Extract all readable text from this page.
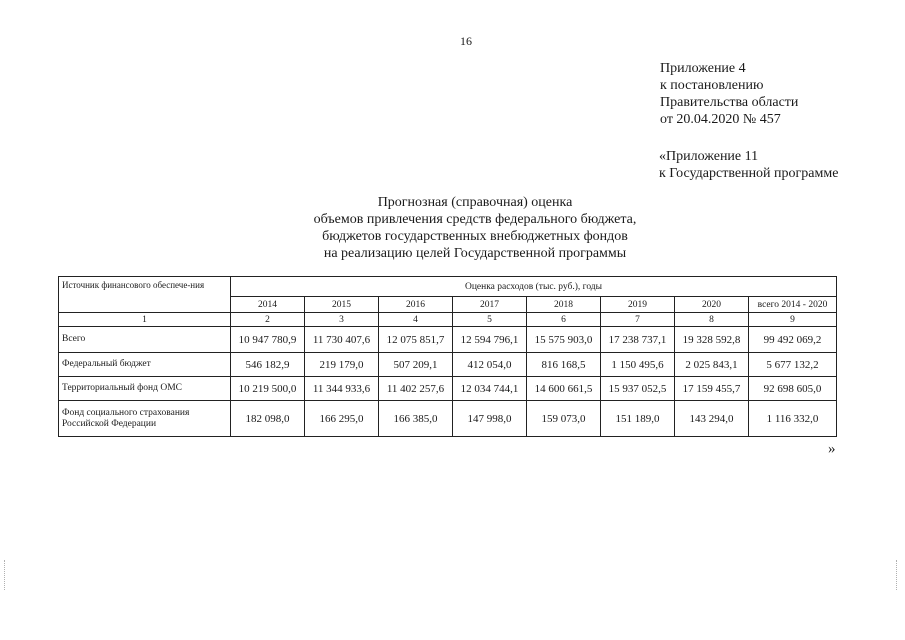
16
Приложение 4
к постановлению
Правительства области
от 20.04.2020 № 457
«Приложение 11
к Государственной программе
Прогнозная (справочная) оценка
объемов привлечения средств федерального бюджета,
бюджетов государственных внебюджетных фондов
на реализацию целей Государственной программы
Источник финансового обеспече-ния	Оценка расходов (тыс. руб.), годы							
	2014	2015	2016	2017	2018	2019	2020	всего 2014 - 2020
1	2	3	4	5	6	7	8	9
Всего	10 947 780,9	11 730 407,6	12 075 851,7	12 594 796,1	15 575 903,0	17 238 737,1	19 328 592,8	99 492 069,2
Федеральный бюджет	546 182,9	219 179,0	507 209,1	412 054,0	816 168,5	1 150 495,6	2 025 843,1	5 677 132,2
Территориальный фонд ОМС	10 219 500,0	11 344 933,6	11 402 257,6	12 034 744,1	14 600 661,5	15 937 052,5	17 159 455,7	92 698 605,0
Фонд социального страхования Российской Федерации	182 098,0	166 295,0	166 385,0	147 998,0	159 073,0	151 189,0	143 294,0	1 116 332,0
»
